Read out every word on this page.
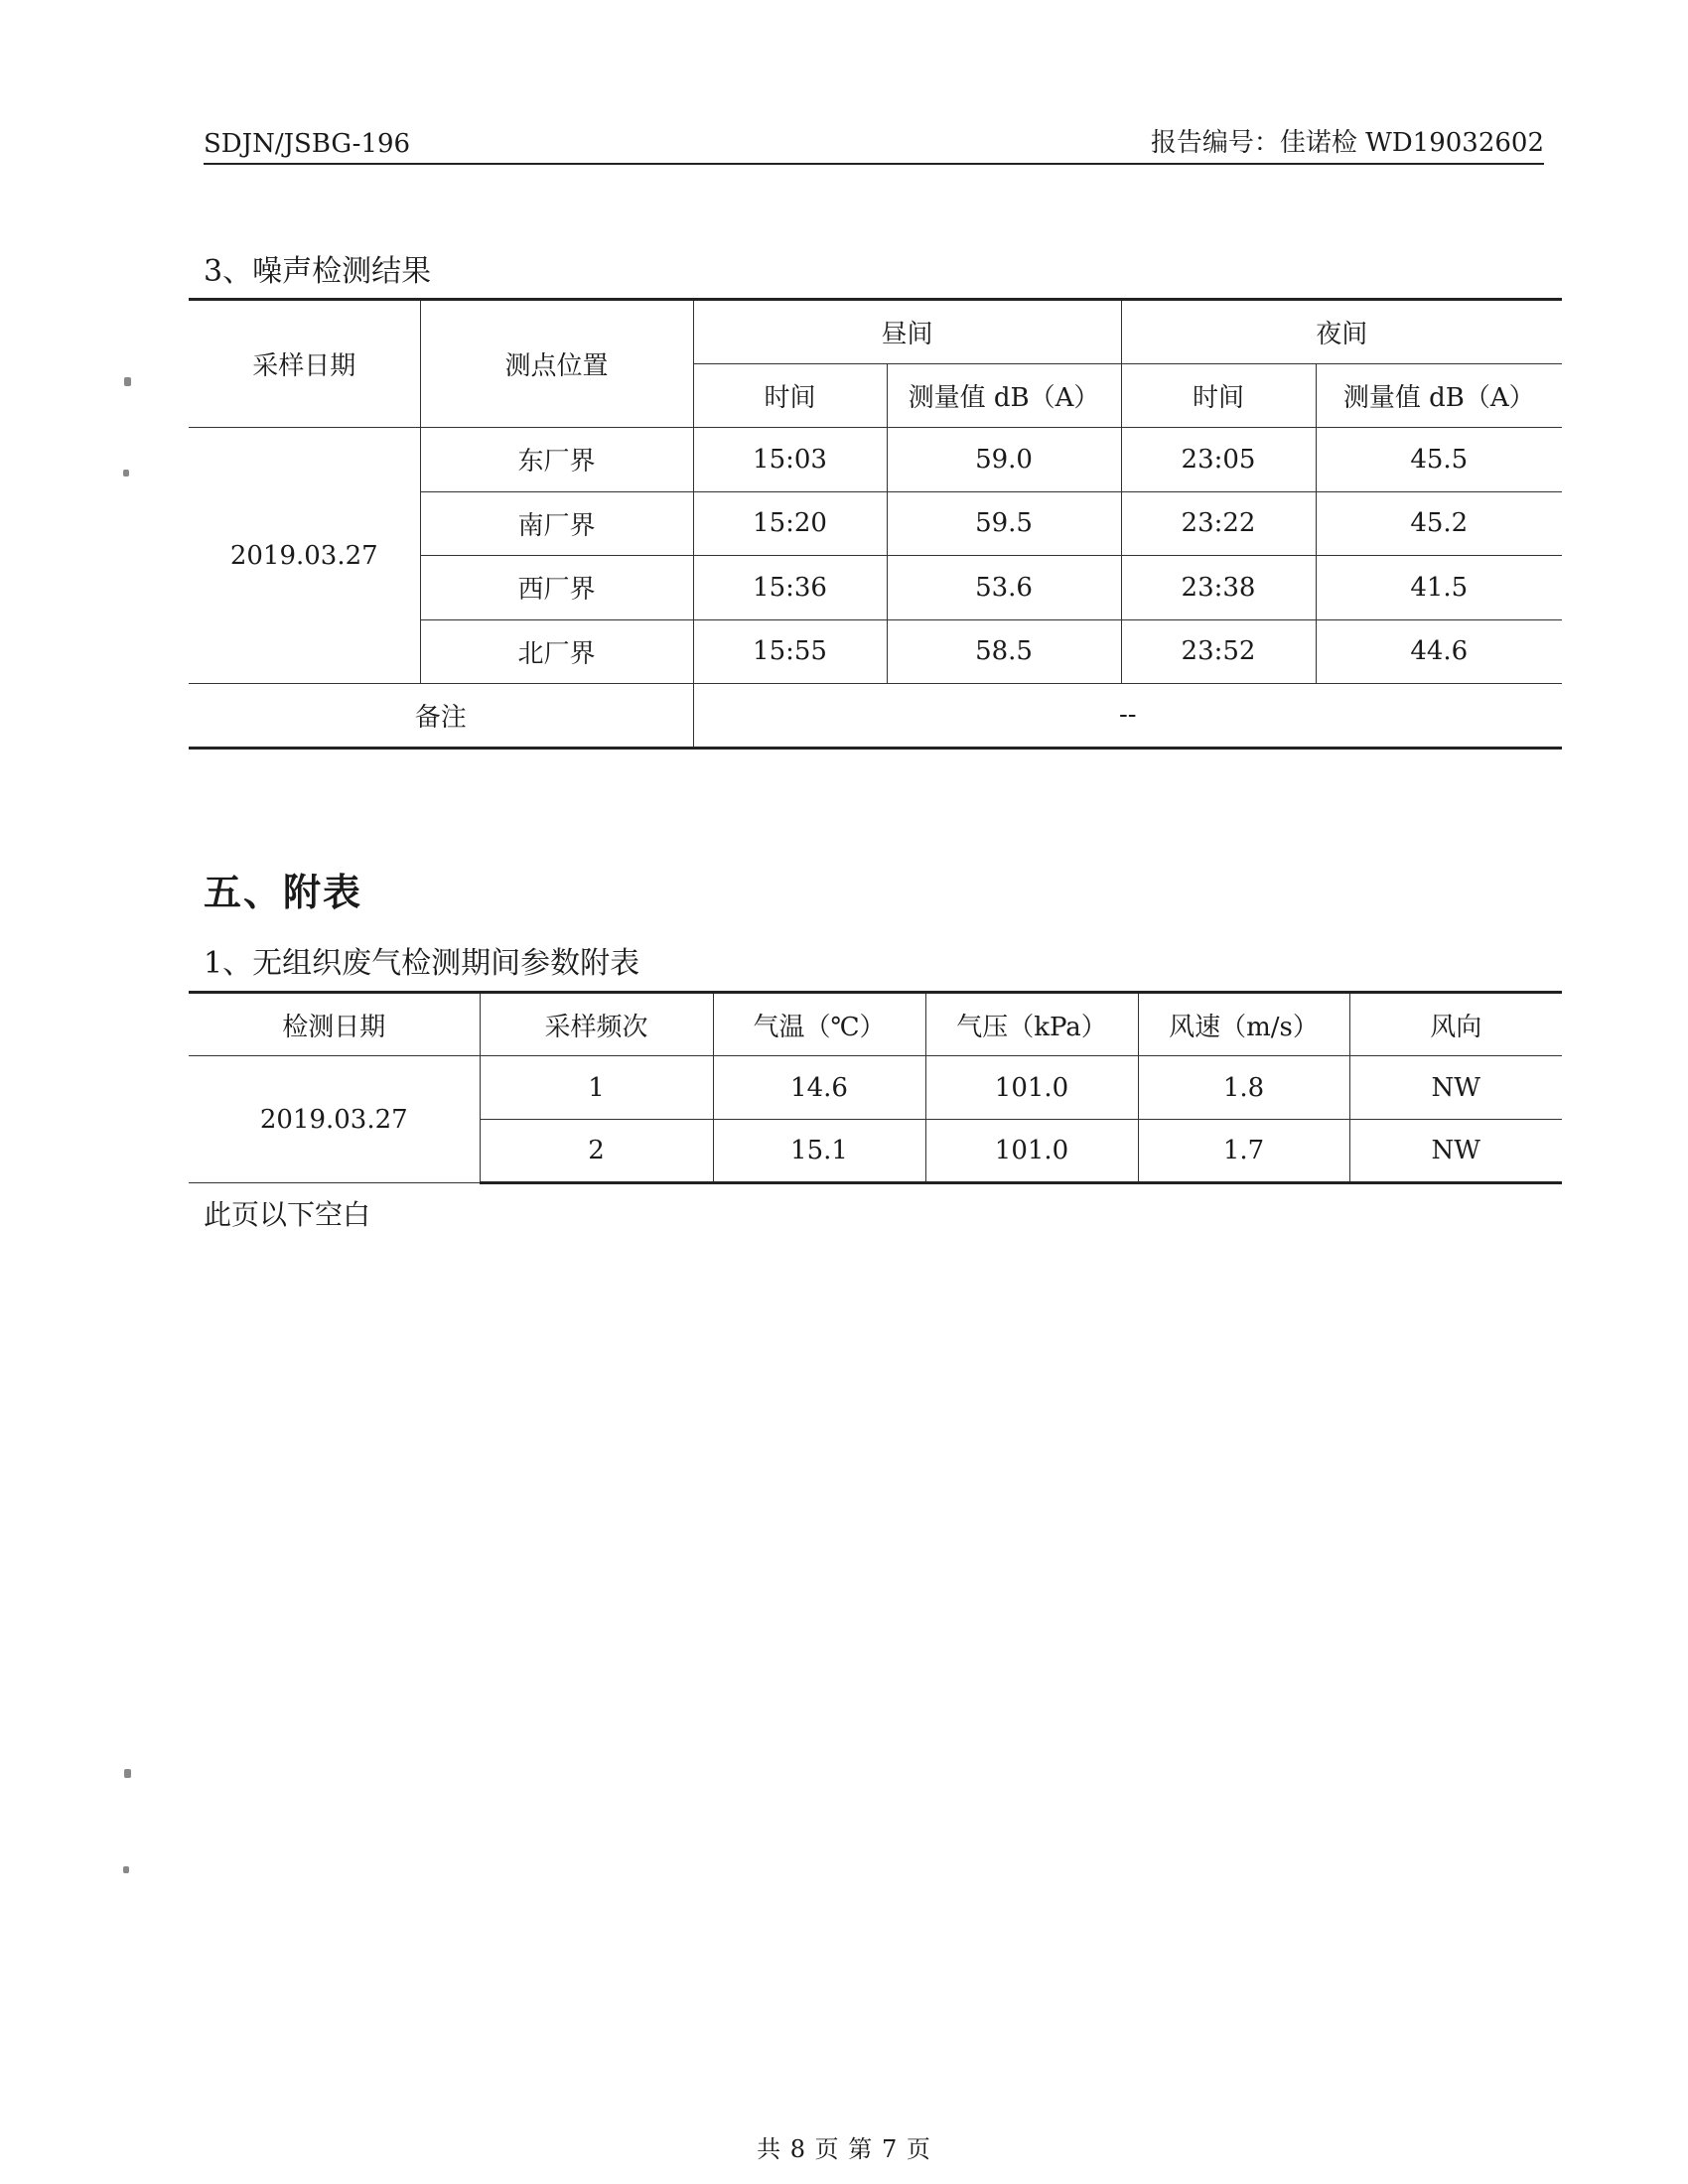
SDJN/JSBG-196	报告编号：佳诺检 WD19032602
3、噪声检测结果
采样日期	测点位置	昼间		夜间	
		时间	测量值 dB（A）	时间	测量值 dB（A）
2019.03.27	东厂界	15:03	59.0	23:05	45.5
	南厂界	15:20	59.5	23:22	45.2
	西厂界	15:36	53.6	23:38	41.5
	北厂界	15:55	58.5	23:52	44.6
备注		--			
五、附表
1、无组织废气检测期间参数附表
检测日期	采样频次	气温（℃）	气压（kPa）	风速（m/s）	风向
2019.03.27	1	14.6	101.0	1.8	NW
	2	15.1	101.0	1.7	NW
此页以下空白
共 8 页 第 7 页
